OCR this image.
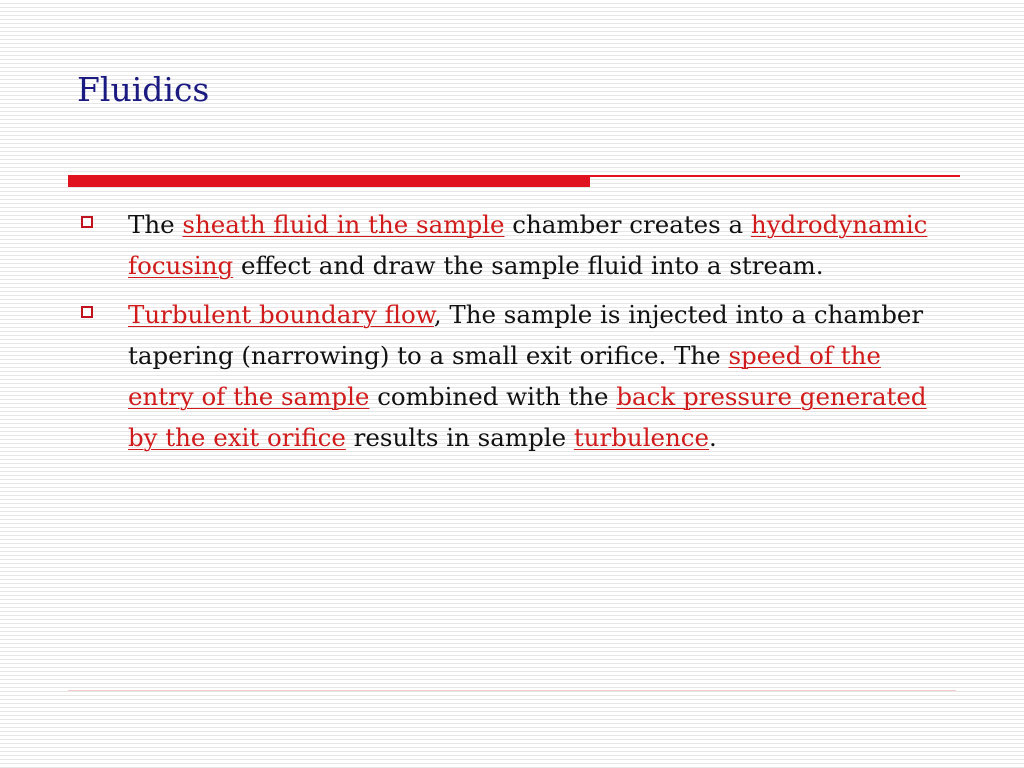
Fluidics
The sheath fluid in the sample chamber creates a hydrodynamic focusing effect and draw the sample fluid into a stream.
Turbulent boundary flow, The sample is injected into a chamber tapering (narrowing) to a small exit orifice. The speed of the entry of the sample combined with the back pressure generated by the exit orifice results in sample turbulence.
